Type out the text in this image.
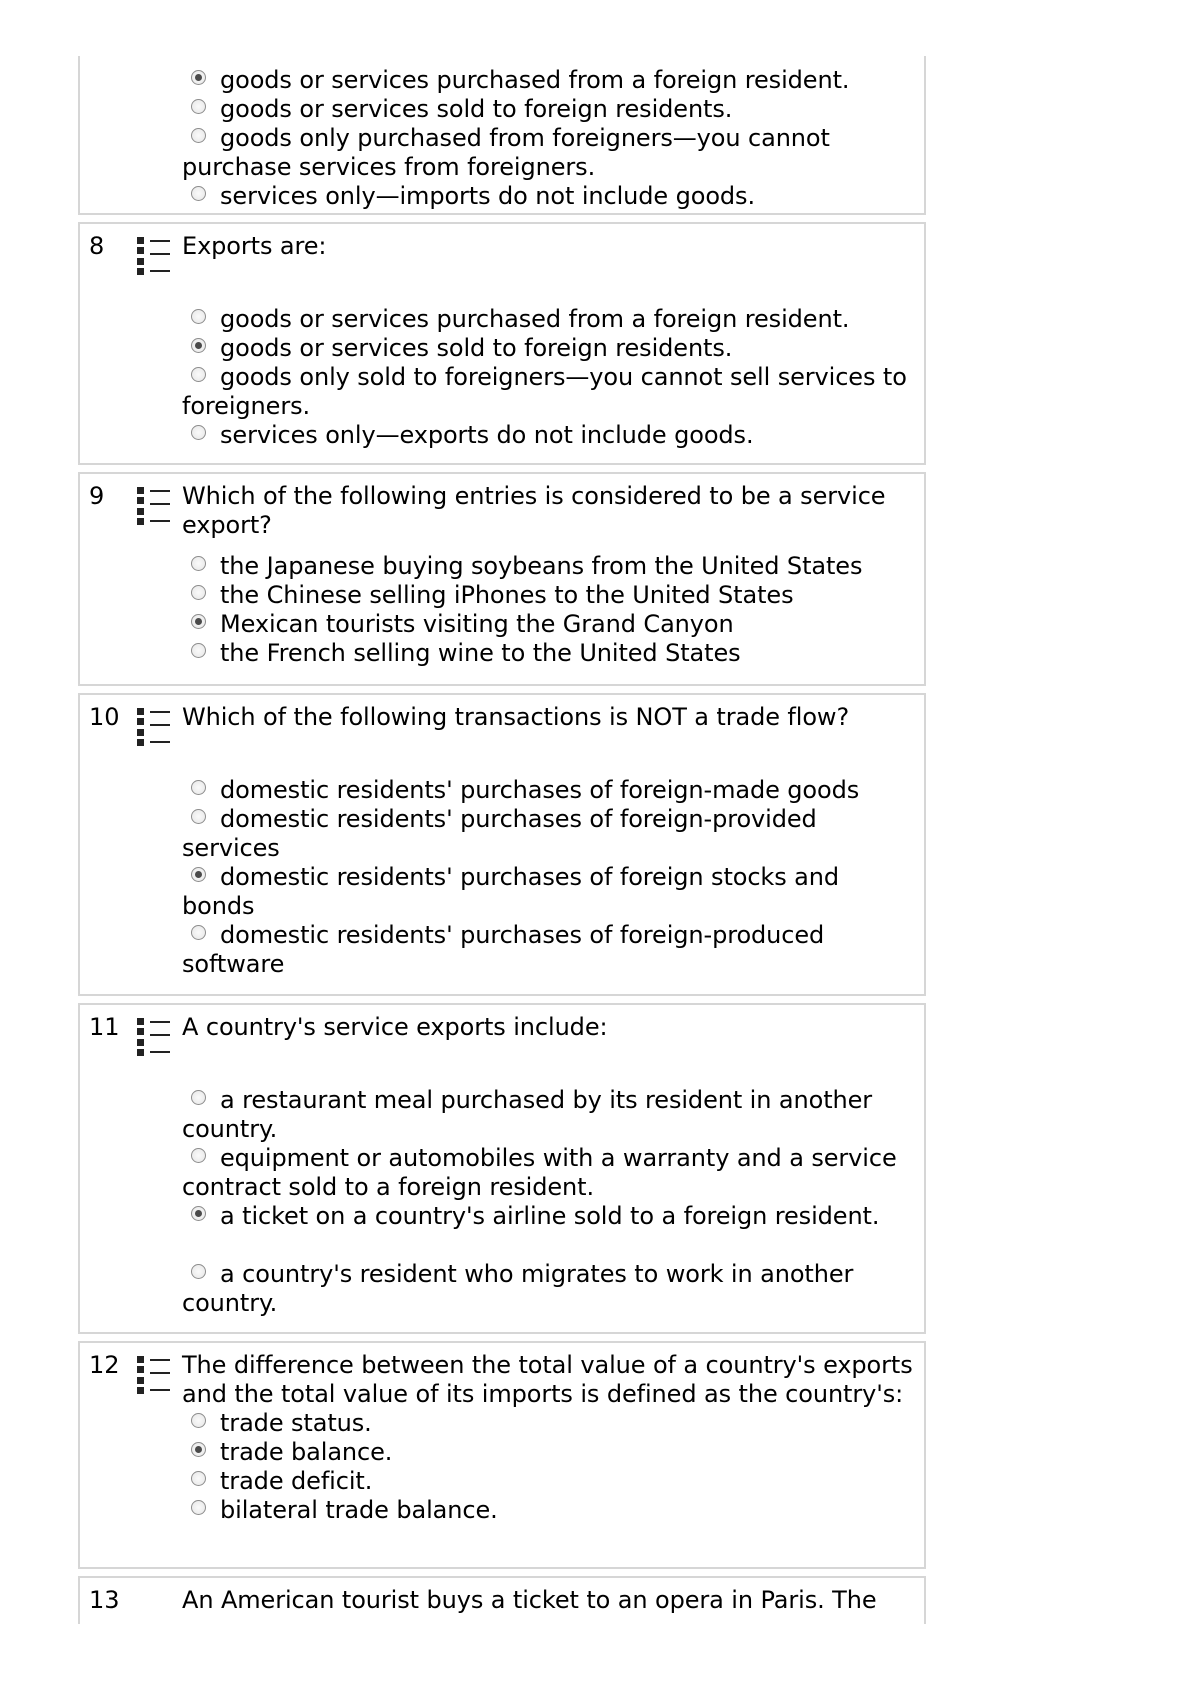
goods or services purchased from a foreign resident.
goods or services sold to foreign residents.
goods only purchased from foreigners—you cannot purchase services from foreigners.
services only—imports do not include goods.
8	Exports are:

goods or services purchased from a foreign resident.
goods or services sold to foreign residents.
goods only sold to foreigners—you cannot sell services to foreigners.
services only—exports do not include goods.
9	Which of the following entries is considered to be a service export?

the Japanese buying soybeans from the United States
the Chinese selling iPhones to the United States
Mexican tourists visiting the Grand Canyon
the French selling wine to the United States
10	Which of the following transactions is NOT a trade flow?

domestic residents' purchases of foreign-made goods
domestic residents' purchases of foreign-provided services
domestic residents' purchases of foreign stocks and bonds
domestic residents' purchases of foreign-produced software
11	A country's service exports include:

a restaurant meal purchased by its resident in another country.
equipment or automobiles with a warranty and a service contract sold to a foreign resident.
a ticket on a country's airline sold to a foreign resident.
a country's resident who migrates to work in another country.
12	The difference between the total value of a country's exports and the total value of its imports is defined as the country's:

trade status.
trade balance.
trade deficit.
bilateral trade balance.
13	An American tourist buys a ticket to an opera in Paris. The
